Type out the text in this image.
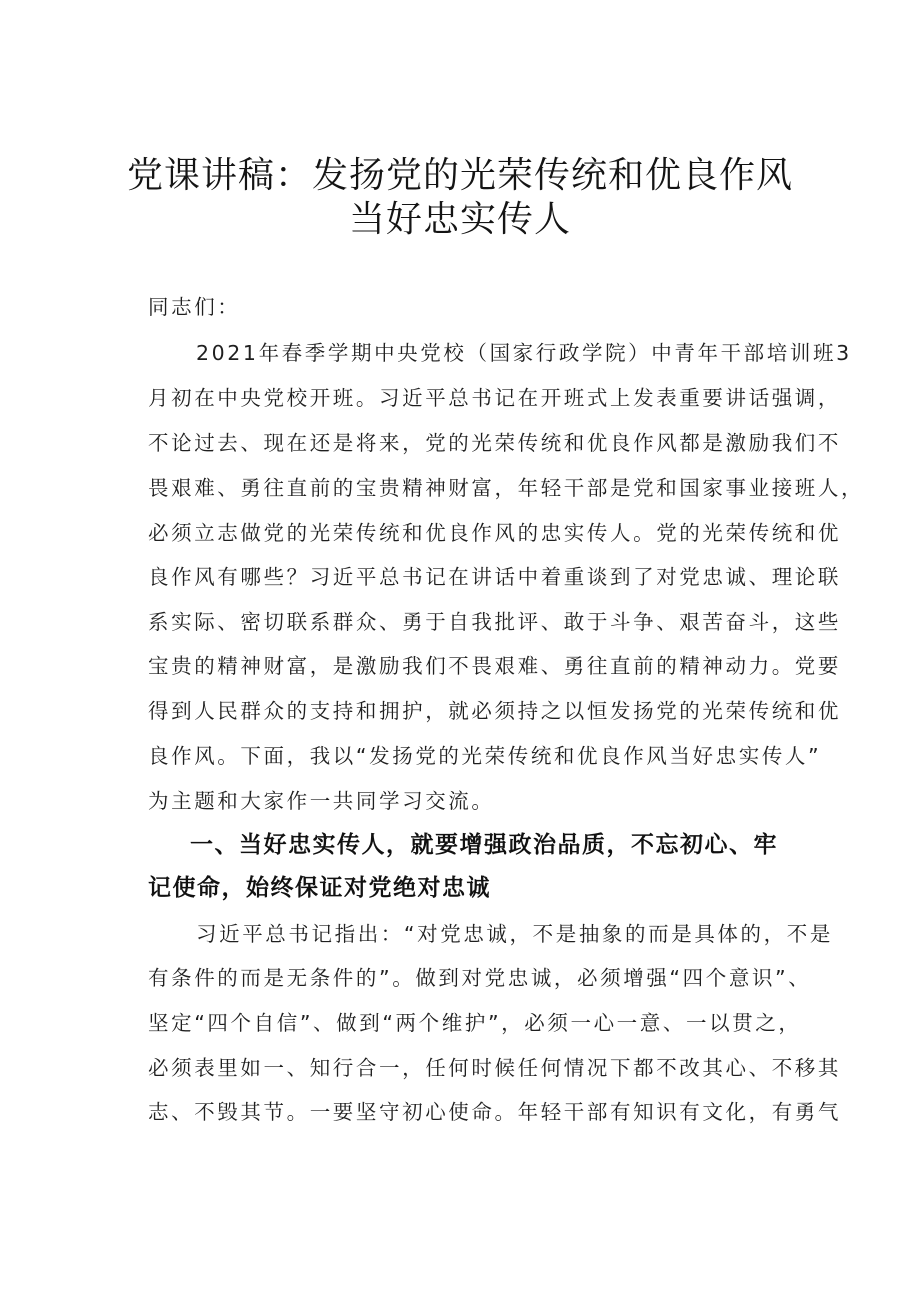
党课讲稿：发扬党的光荣传统和优良作风
当好忠实传人
同志们：
2021年春季学期中央党校（国家行政学院）中青年干部培训班3
月初在中央党校开班。习近平总书记在开班式上发表重要讲话强调，
不论过去、现在还是将来，党的光荣传统和优良作风都是激励我们不
畏艰难、勇往直前的宝贵精神财富，年轻干部是党和国家事业接班人，
必须立志做党的光荣传统和优良作风的忠实传人。党的光荣传统和优
良作风有哪些？习近平总书记在讲话中着重谈到了对党忠诚、理论联
系实际、密切联系群众、勇于自我批评、敢于斗争、艰苦奋斗，这些
宝贵的精神财富，是激励我们不畏艰难、勇往直前的精神动力。党要
得到人民群众的支持和拥护，就必须持之以恒发扬党的光荣传统和优
良作风。下面，我以“发扬党的光荣传统和优良作风当好忠实传人”
为主题和大家作一共同学习交流。
一、当好忠实传人，就要增强政治品质，不忘初心、牢
记使命，始终保证对党绝对忠诚
习近平总书记指出：“对党忠诚，不是抽象的而是具体的，不是
有条件的而是无条件的”。做到对党忠诚，必须增强“四个意识”、
坚定“四个自信”、做到“两个维护”，必须一心一意、一以贯之，
必须表里如一、知行合一，任何时候任何情况下都不改其心、不移其
志、不毁其节。一要坚守初心使命。年轻干部有知识有文化，有勇气
